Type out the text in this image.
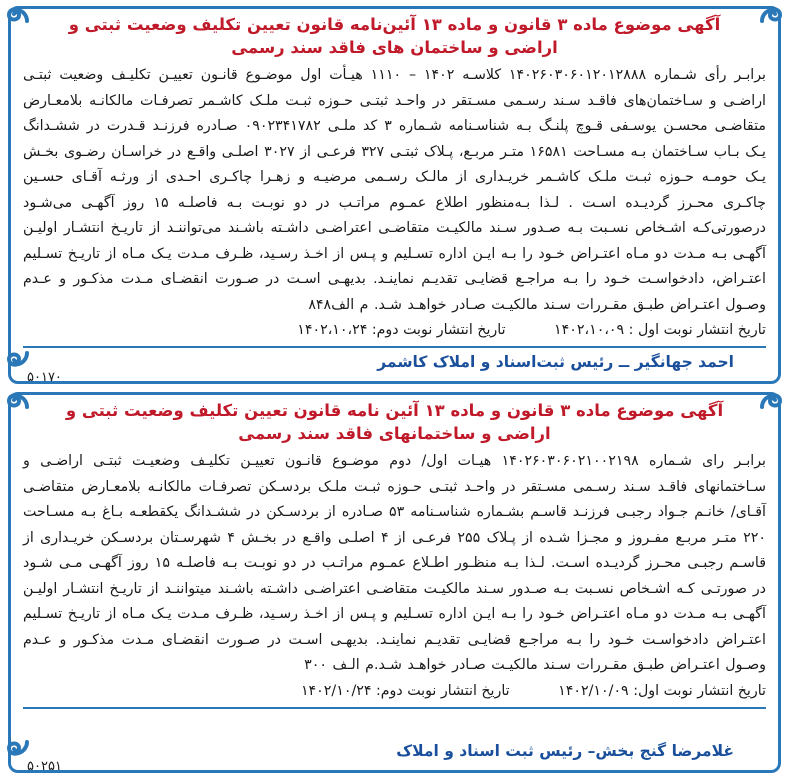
آگهی موضوع ماده ۳ قانون و ماده ۱۳ آئین‌نامه قانون تعیین تکلیف وضعیت ثبتی و اراضی و ساختمان های فاقد سند رسمی
برابـر رأی شـماره ۱۴۰۲۶۰۳۰۶۰۱۲۰۱۲۸۸۸ کلاسـه ۱۴۰۲ – ۱۱۱۰ هیـأت اول موضـوع قانـون تعییـن تکلیـف وضعیت ثبتـی اراضـی و سـاختمان‌های فاقـد سـند رسـمی مسـتقر در واحـد ثبتـی حـوزه ثبـت ملـک کاشـمر تصرفـات مالکانـه بلامعـارض متقاضـی محسـن یوسـفی قـوچ پلنـگ بـه شناسـنامه شـماره ۳ کد ملـی ۰۹۰۲۳۴۱۷۸۲ صـادره فرزنـد قـدرت در ششـدانگ یـک بـاب سـاختمان بـه مسـاحت ۱۶۵۸۱ متـر مربـع، پـلاک ثبتـی ۳۲۷ فرعـی از ۳۰۲۷ اصلـی واقـع در خراسـان رضـوی بخـش یـک حومـه حـوزه ثبـت ملـک کاشـمر خریـداری از مالـک رسـمی مرضیـه و زهـرا چاکـری احـدی از ورثـه آقـای حسـین چاکـری محـرز گردیـده اسـت . لـذا بـه‌منظور اطلاع عمـوم مراتـب در دو نوبـت بـه فاصلـه ۱۵ روز آگهـی می‌شـود درصورتی‌کـه اشـخاص نسـبت بـه صـدور سـند مالکیـت متقاضـی اعتراضـی داشـته باشـند می‌تواننـد از تاریـخ انتشـار اولیـن آگهـی بـه مـدت دو مـاه اعتـراض خـود را بـه ایـن اداره تسـلیم و پـس از اخـذ رسـید، ظـرف مـدت یـک مـاه از تاریـخ تسـلیم اعتـراض، دادخواسـت خـود را بـه مراجـع قضایـی تقدیـم نماینـد. بدیهـی اسـت در صـورت انقضـای مـدت مذکـور و عـدم وصـول اعتـراض طبـق مقـررات سـند مالکیـت صـادر خواهـد شـد. م الف۸۴۸
تاریخ انتشار نوبت اول : ۱۴۰۲،۱۰،۰۹ تاریخ انتشار نوبت دوم: ۱۴۰۲،۱۰،۲۴
احمد جهانگیر ــ رئیس ثبت‌اسناد و املاک کاشمر
۵۰۱۷۰
آگهی موضوع ماده ۳ قانون و ماده ۱۳ آئین نامه قانون تعیین تکلیف وضعیت ثبتی و اراضی و ساختمانهای فاقد سند رسمی
برابـر رای شـماره ۱۴۰۲۶۰۳۰۶۰۲۱۰۰۲۱۹۸ هیـات اول/ دوم موضـوع قانـون تعییـن تکلیـف وضعیـت ثبتـی اراضـی و سـاختمانهای فاقـد سـند رسـمی مسـتقر در واحـد ثبتـی حـوزه ثبـت ملـک بردسـکن تصرفـات مالکانـه بلامعـارض متقاضـی آقـای/ خانـم جـواد رجبـی فرزنـد قاسـم بشـماره شناسـنامه ۵۳ صـادره از بردسـکن در ششـدانگ یکقطعـه بـاغ بـه مسـاحت ۲۲۰ متـر مربـع مفـروز و مجـزا شـده از پـلاک ۲۵۵ فرعـی از ۴ اصلـی واقـع در بخـش ۴ شهرسـتان بردسـکن خریـداری از قاسـم رجبـی محـرز گردیـده اسـت. لـذا بـه منظـور اطـلاع عمـوم مراتـب در دو نوبـت بـه فاصلـه ۱۵ روز آگهـی مـی شـود در صورتـی کـه اشـخاص نسـبت بـه صـدور سـند مالکیـت متقاضـی اعتراضـی داشـته باشـند میتواننـد از تاریـخ انتشـار اولیـن آگهـی بـه مـدت دو مـاه اعتـراض خـود را بـه ایـن اداره تسـلیم و پـس از اخـذ رسـید، ظـرف مـدت یـک مـاه از تاریـخ تسـلیم اعتـراض دادخواسـت خـود را بـه مراجـع قضایـی تقدیـم نماینـد. بدیهـی اسـت در صـورت انقضـای مـدت مذکـور و عـدم وصـول اعتـراض طبـق مقـررات سـند مالکیـت صـادر خواهـد شـد.م الـف ۳۰۰
تاریخ انتشار نوبت اول: ۱۴۰۲/۱۰/۰۹ تاریخ انتشار نوبت دوم: ۱۴۰۲/۱۰/۲۴
غلامرضا گنج بخش– رئیس ثبت اسناد و املاک
۵۰۲۵۱
